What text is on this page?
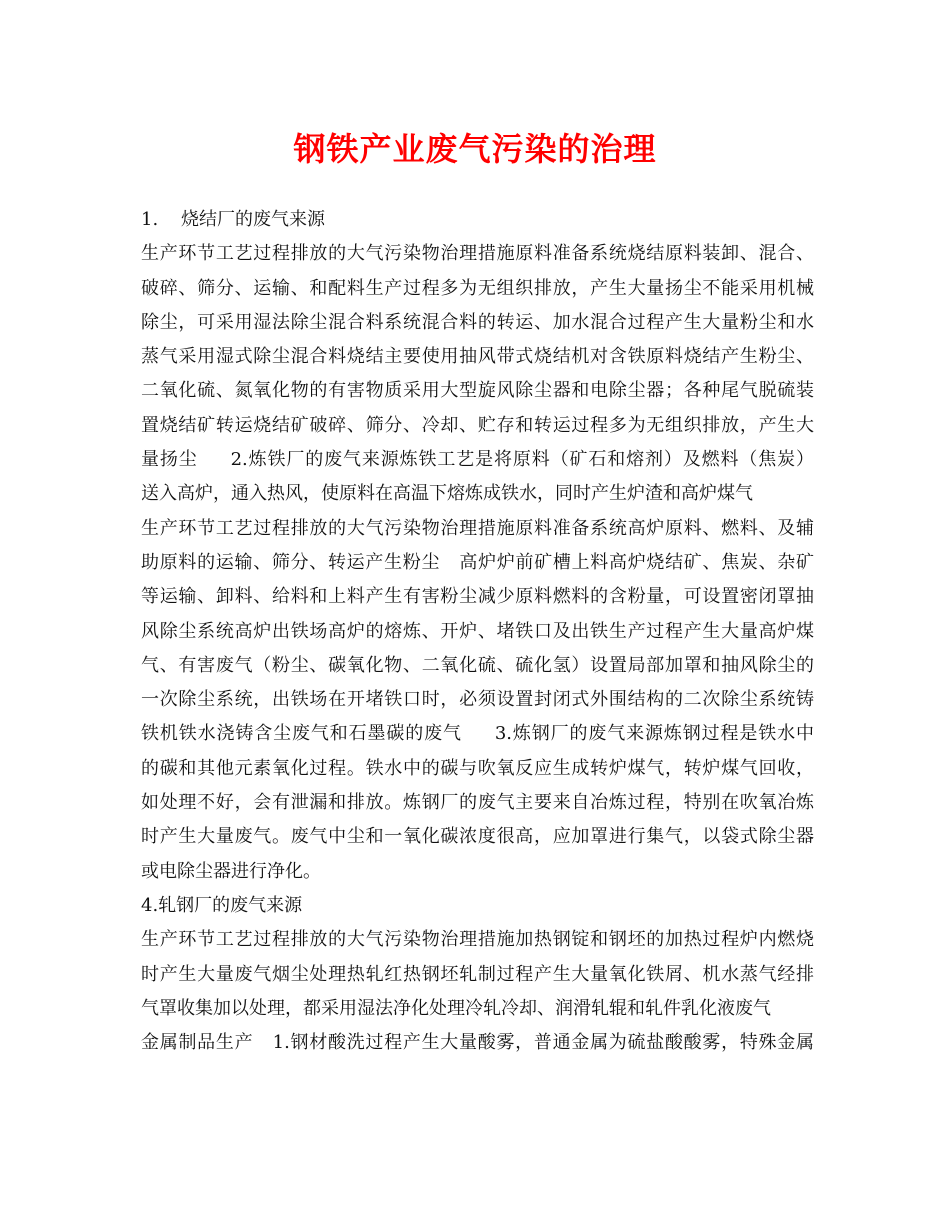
钢铁产业废气污染的治理
1.    烧结厂的废气来源
生产环节工艺过程排放的大气污染物治理措施原料准备系统烧结原料装卸、混合、
破碎、筛分、运输、和配料生产过程多为无组织排放，产生大量扬尘不能采用机械
除尘，可采用湿法除尘混合料系统混合料的转运、加水混合过程产生大量粉尘和水
蒸气采用湿式除尘混合料烧结主要使用抽风带式烧结机对含铁原料烧结产生粉尘、
二氧化硫、氮氧化物的有害物质采用大型旋风除尘器和电除尘器；各种尾气脱硫装
置烧结矿转运烧结矿破碎、筛分、冷却、贮存和转运过程多为无组织排放，产生大
量扬尘     2.炼铁厂的废气来源炼铁工艺是将原料（矿石和熔剂）及燃料（焦炭）
送入高炉，通入热风，使原料在高温下熔炼成铁水，同时产生炉渣和高炉煤气
生产环节工艺过程排放的大气污染物治理措施原料准备系统高炉原料、燃料、及辅
助原料的运输、筛分、转运产生粉尘   高炉炉前矿槽上料高炉烧结矿、焦炭、杂矿
等运输、卸料、给料和上料产生有害粉尘减少原料燃料的含粉量，可设置密闭罩抽
风除尘系统高炉出铁场高炉的熔炼、开炉、堵铁口及出铁生产过程产生大量高炉煤
气、有害废气（粉尘、碳氧化物、二氧化硫、硫化氢）设置局部加罩和抽风除尘的
一次除尘系统，出铁场在开堵铁口时，必须设置封闭式外围结构的二次除尘系统铸
铁机铁水浇铸含尘废气和石墨碳的废气     3.炼钢厂的废气来源炼钢过程是铁水中
的碳和其他元素氧化过程。铁水中的碳与吹氧反应生成转炉煤气，转炉煤气回收，
如处理不好，会有泄漏和排放。炼钢厂的废气主要来自冶炼过程，特别在吹氧冶炼
时产生大量废气。废气中尘和一氧化碳浓度很高，应加罩进行集气，以袋式除尘器
或电除尘器进行净化。
4.轧钢厂的废气来源
生产环节工艺过程排放的大气污染物治理措施加热钢锭和钢坯的加热过程炉内燃烧
时产生大量废气烟尘处理热轧红热钢坯轧制过程产生大量氧化铁屑、机水蒸气经排
气罩收集加以处理，都采用湿法净化处理冷轧冷却、润滑轧辊和轧件乳化液废气
金属制品生产   1.钢材酸洗过程产生大量酸雾，普通金属为硫盐酸酸雾，特殊金属
